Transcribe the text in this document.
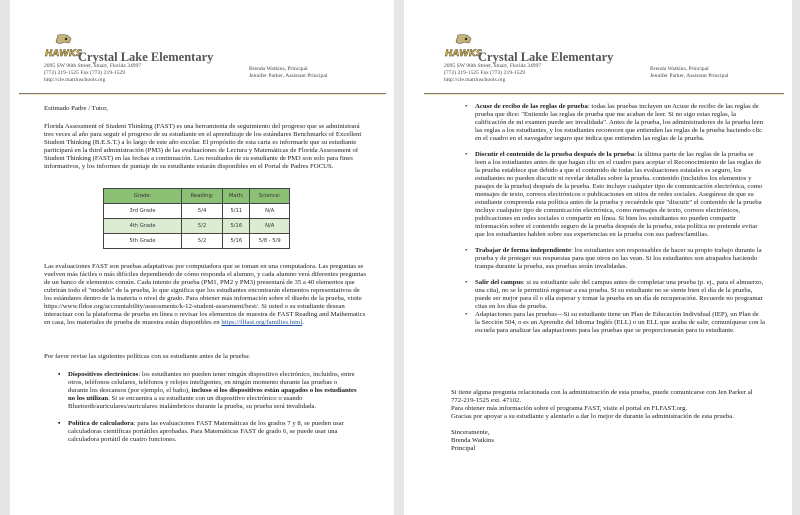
HAWKS
Crystal Lake Elementary
2095 SW 96th Street, Stuart, Florida 34997
(772) 219-1525 Fax (772) 219-1529
http://cle.martinschools.org
Brenda Watkins, Principal
Jennifer Parker, Assistant Principal
Estimado Padre / Tutor,
Florida Assessment of Student Thinking (FAST) es una herramienta de seguimiento del progreso que se administrará tres veces al año para seguir el progreso de su estudiante en el aprendizaje de los estándares Benchmarks of Excellent Student Thinking (B.E.S.T.) a lo largo de este año escolar. El propósito de esta carta es informarle que su estudiante participará en la third administración (PM3) de las evaluaciones de Lectura y Matemáticas de Florida Assessment of Student Thinking (FAST) en las fechas a continuación. Los resultados de su estudiante de PM3 son solo para fines informativos, y los informes de puntaje de su estudiante estarán disponibles en el Portal de Padres FOCUS.
Grade:	Reading:	Math:	Science:
3rd Grade	5/4	5/11	N/A
4th Grade	5/2	5/16	N/A
5th Grade	5/2	5/16	5/8 - 5/9
Las evaluaciones FAST son pruebas adaptativas por computadora que se toman en una computadora. Las preguntas se vuelven más fáciles o más difíciles dependiendo de cómo responda el alumno, y cada alumno verá diferentes preguntas de un banco de elementos común. Cada intento de prueba (PM1, PM2 y PM3) presentará de 35 a 40 elementos que cubrirán todo el "modelo" de la prueba, lo que significa que los estudiantes encontrarán elementos representativos de los estándares dentro de la materia o nivel de grado. Para obtener más información sobre el diseño de la prueba, visite https://www.fldoe.org/accountability/assessments/k-12-student-assesment/best/. Si usted o su estudiante desean interactuar con la plataforma de prueba en línea o revisar los elementos de muestra de FAST Reading and Mathematics en casa, los materiales de prueba de muestra están disponibles en https://flfast.org/families.html.
Por favor revise las siguientes políticas con su estudiante antes de la prueba:
▪ Dispositivos electrónicos: los estudiantes no pueden tener ningún dispositivo electrónico, incluidos, entre otros, teléfonos celulares, teléfonos y relojes inteligentes, en ningún momento durante las pruebas o durante los descansos (por ejemplo, el baño), incluso si los dispositivos están apagados o los estudiantes no los utilizan. Si se encuentra a su estudiante con un dispositivo electrónico o usando Bluetooth/auriculares/auriculares inalámbricos durante la prueba, su prueba será invalidada.
▪ Política de calculadora: para las evaluaciones FAST Matemáticas de los grados 7 y 8, se pueden usar calculadoras científicas portátiles aprobadas. Para Matemáticas FAST de grado 6, se puede usar una calculadora portátil de cuatro funciones.
HAWKS
Crystal Lake Elementary
2095 SW 96th Street, Stuart, Florida 34997
(772) 219-1525 Fax (772) 219-1529
http://cle.martinschools.org
Brenda Watkins, Principal
Jennifer Parker, Assistant Principal
• Acuse de recibo de las reglas de prueba: todas las pruebas incluyen un Acuse de recibo de las reglas de prueba que dice: "Entiendo las reglas de prueba que me acaban de leer. Si no sigo estas reglas, la calificación de mi examen puede ser invalidada". Antes de la prueba, los administradores de la prueba leen las reglas a los estudiantes, y los estudiantes reconocen que entienden las reglas de la prueba haciendo clic en el cuadro en el navegador seguro que indica que entienden las reglas de la prueba.
• Discutir el contenido de la prueba después de la prueba: la última parte de las reglas de la prueba se leen a los estudiantes antes de que hagan clic en el cuadro para aceptar el Reconocimiento de las reglas de la prueba establece que debido a que el contenido de todas las evaluaciones estatales es seguro, los estudiantes no pueden discutir ni revelar detalles sobre la prueba. contenido (incluidos los elementos y pasajes de la prueba) después de la prueba. Esto incluye cualquier tipo de comunicación electrónica, como mensajes de texto, correos electrónicos o publicaciones en sitios de redes sociales. Asegúrese de que su estudiante comprenda esta política antes de la prueba y recuérdele que "discutir" el contenido de la prueba incluye cualquier tipo de comunicación electrónica, como mensajes de texto, correos electrónicos, publicaciones en redes sociales o compartir en línea. Si bien los estudiantes no pueden compartir información sobre el contenido seguro de la prueba después de la prueba, esta política no pretende evitar que los estudiantes hablen sobre sus experiencias en la prueba con sus padres/familias.
• Trabajar de forma independiente: los estudiantes son responsables de hacer su propio trabajo durante la prueba y de proteger sus respuestas para que otros no las vean. Si los estudiantes son atrapados haciendo trampa durante la prueba, sus pruebas serán invalidadas.
• Salir del campus: si su estudiante sale del campus antes de completar una prueba (p. ej., para el almuerzo, una cita), no se le permitirá regresar a esa prueba. Si su estudiante no se siente bien el día de la prueba, puede ser mejor para él o ella esperar y tomar la prueba en un día de recuperación. Recuerde no programar citas en los días de prueba.
• Adaptaciones para las pruebas—Si su estudiante tiene un Plan de Educación Individual (IEP), un Plan de la Sección 504, o es un Aprendiz del Idioma Inglés (ELL) o un ELL que acaba de salir, comuníquese con la escuela para analizar las adaptaciones para las pruebas que se proporcionarán para tu estudiante.
Si tiene alguna pregunta relacionada con la administración de esta prueba, puede comunicarse con Jen Parker al 772-219-1525 ext. 47102.
Para obtener más información sobre el programa FAST, visite el portal en FLFAST.org.
Gracias por apoyar a su estudiante y alentarlo a dar lo mejor de durante la administración de esta prueba.
Sinceramente,
Brenda Watkins
Principal
